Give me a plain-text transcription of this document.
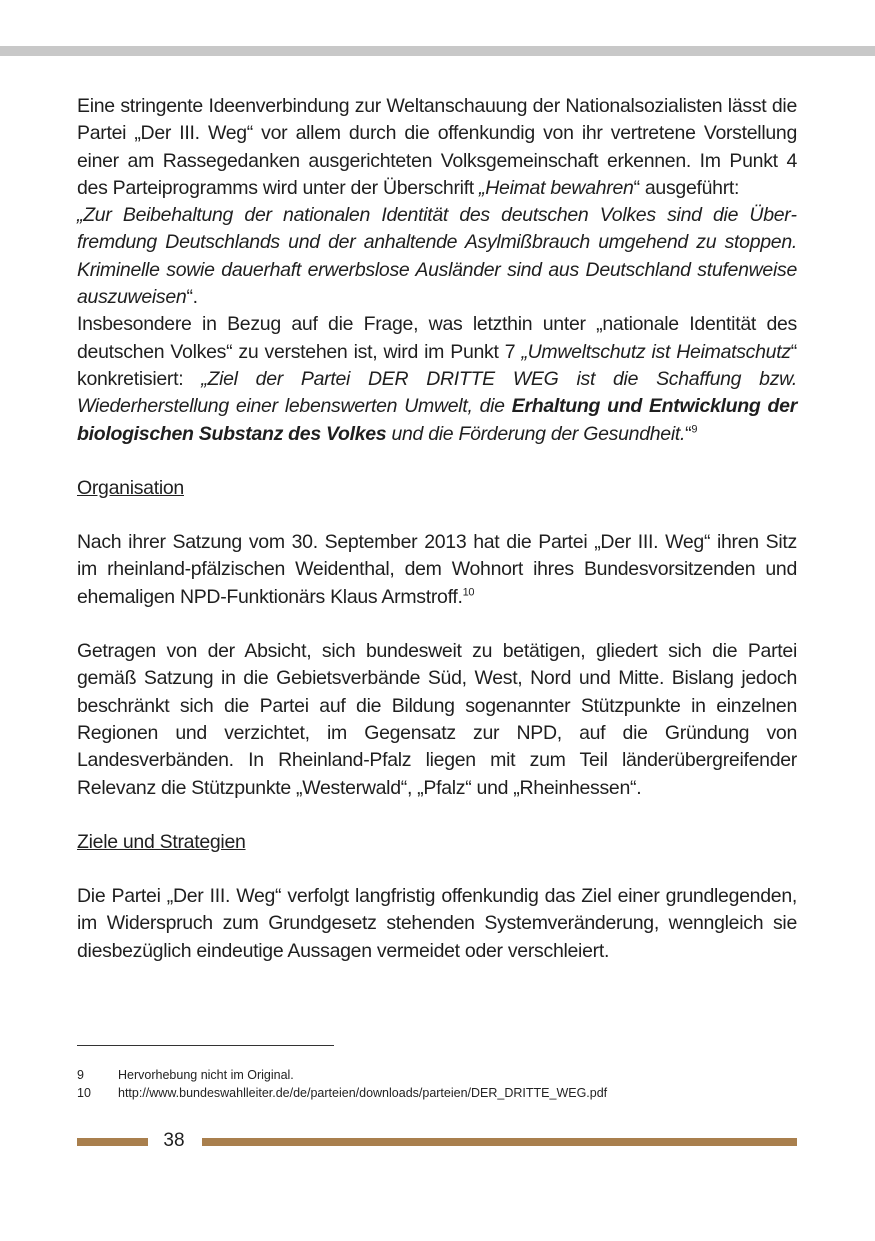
Eine stringente Ideenverbindung zur Weltanschauung der Nationalsozialisten lässt die Partei „Der III. Weg“ vor allem durch die offenkundig von ihr vertretene Vorstellung einer am Rassegedanken ausgerichteten Volksgemeinschaft erkennen. Im Punkt 4 des Parteiprogramms wird unter der Überschrift „Heimat bewahren“ ausgeführt:

„Zur Beibehaltung der nationalen Identität des deutschen Volkes sind die Überfremdung Deutschlands und der anhaltende Asylmißbrauch umgehend zu stoppen. Kriminelle sowie dauerhaft erwerbslose Ausländer sind aus Deutschland stufenweise auszuweisen“.

Insbesondere in Bezug auf die Frage, was letzthin unter „nationale Identität des deutschen Volkes“ zu verstehen ist, wird im Punkt 7 „Umweltschutz ist Heimatschutz“ konkretisiert: „Ziel der Partei DER DRITTE WEG ist die Schaffung bzw. Wiederherstellung einer lebenswerten Umwelt, die Erhaltung und Entwicklung der biologischen Substanz des Volkes und die Förderung der Gesundheit.“$^9$

Organisation

Nach ihrer Satzung vom 30. September 2013 hat die Partei „Der III. Weg“ ihren Sitz im rheinland-pfälzischen Weidenthal, dem Wohnort ihres Bundesvorsitzenden und ehemaligen NPD-Funktionärs Klaus Armstroff.$^{10}$

Getragen von der Absicht, sich bundesweit zu betätigen, gliedert sich die Partei gemäß Satzung in die Gebietsverbände Süd, West, Nord und Mitte. Bislang jedoch beschränkt sich die Partei auf die Bildung sogenannter Stützpunkte in einzelnen Regionen und verzichtet, im Gegensatz zur NPD, auf die Gründung von Landesverbänden. In Rheinland-Pfalz liegen mit zum Teil länderübergreifender Relevanz die Stützpunkte „Westerwald“, „Pfalz“ und „Rheinhessen“.

Ziele und Strategien

Die Partei „Der III. Weg“ verfolgt langfristig offenkundig das Ziel einer grundlegenden, im Widerspruch zum Grundgesetz stehenden Systemveränderung, wenngleich sie diesbezüglich eindeutige Aussagen vermeidet oder verschleiert.

9	Hervorhebung nicht im Original.
10	http://www.bundeswahlleiter.de/de/parteien/downloads/parteien/DER_DRITTE_WEG.pdf
38
